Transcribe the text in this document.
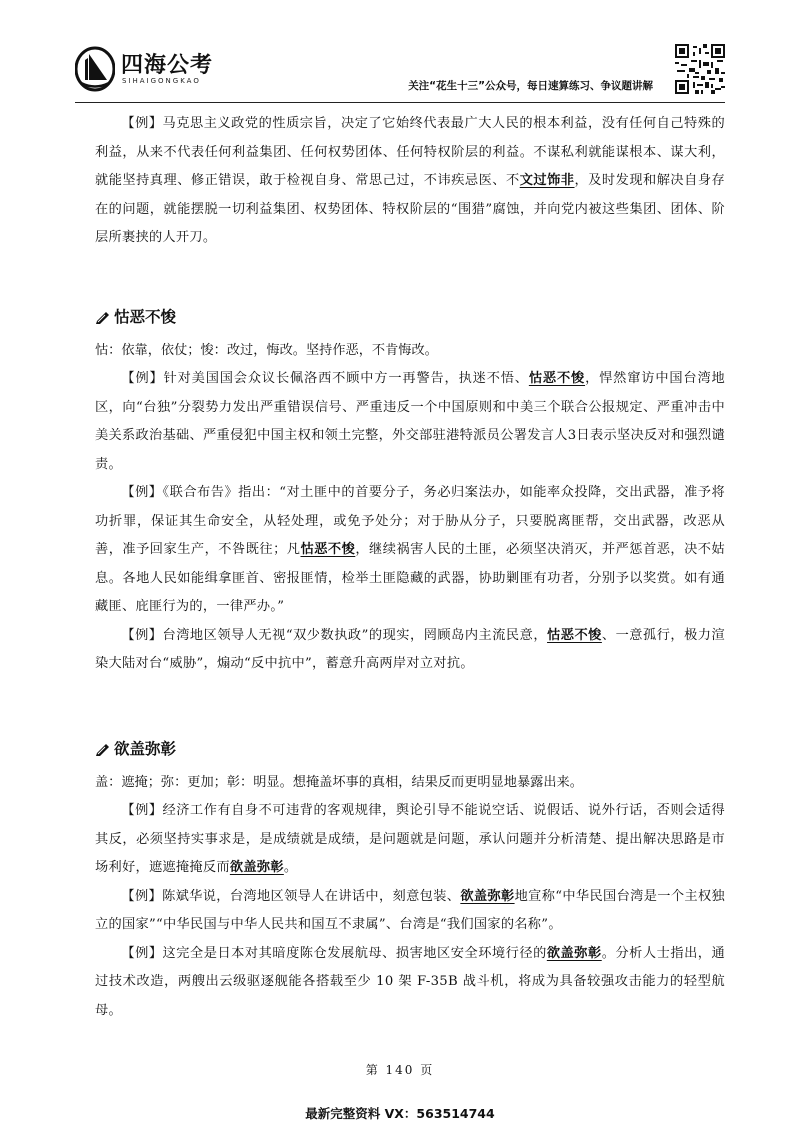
四海公考
SIHAIGONGKAO	关注“花生十三”公众号，每日速算练习、争议题讲解

【例】马克思主义政党的性质宗旨，决定了它始终代表最广大人民的根本利益，没有任何自己特殊的利益，从来不代表任何利益集团、任何权势团体、任何特权阶层的利益。不谋私利就能谋根本、谋大利，就能坚持真理、修正错误，敢于检视自身、常思己过，不讳疾忌医、不文过饰非，及时发现和解决自身存在的问题，就能摆脱一切利益集团、权势团体、特权阶层的“围猎”腐蚀，并向党内被这些集团、团体、阶层所裹挟的人开刀。

怙恶不悛

怙：依靠，依仗；悛：改过，悔改。坚持作恶，不肯悔改。

【例】针对美国国会众议长佩洛西不顾中方一再警告，执迷不悟、怙恶不悛，悍然窜访中国台湾地区，向“台独”分裂势力发出严重错误信号、严重违反一个中国原则和中美三个联合公报规定、严重冲击中美关系政治基础、严重侵犯中国主权和领土完整，外交部驻港特派员公署发言人3日表示坚决反对和强烈谴责。

【例】《联合布告》指出：“对土匪中的首要分子，务必归案法办，如能率众投降，交出武器，准予将功折罪，保证其生命安全，从轻处理，或免予处分；对于胁从分子，只要脱离匪帮，交出武器，改恶从善，准予回家生产，不咎既往；凡怙恶不悛，继续祸害人民的土匪，必须坚决消灭，并严惩首恶，决不姑息。各地人民如能缉拿匪首、密报匪情，检举土匪隐藏的武器，协助剿匪有功者，分别予以奖赏。如有通藏匪、庇匪行为的，一律严办。”

【例】台湾地区领导人无视“双少数执政”的现实，罔顾岛内主流民意，怙恶不悛、一意孤行，极力渲染大陆对台“威胁”，煽动“反中抗中”，蓄意升高两岸对立对抗。

欲盖弥彰

盖：遮掩；弥：更加；彰：明显。想掩盖坏事的真相，结果反而更明显地暴露出来。

【例】经济工作有自身不可违背的客观规律，舆论引导不能说空话、说假话、说外行话，否则会适得其反，必须坚持实事求是，是成绩就是成绩，是问题就是问题，承认问题并分析清楚、提出解决思路是市场利好，遮遮掩掩反而欲盖弥彰。

【例】陈斌华说，台湾地区领导人在讲话中，刻意包装、欲盖弥彰地宣称“中华民国台湾是一个主权独立的国家”“中华民国与中华人民共和国互不隶属”、台湾是“我们国家的名称”。

【例】这完全是日本对其暗度陈仓发展航母、损害地区安全环境行径的欲盖弥彰。分析人士指出，通过技术改造，两艘出云级驱逐舰能各搭载至少 10 架 F-35B 战斗机，将成为具备较强攻击能力的轻型航母。

第 140 页
最新完整资料 VX：563514744
